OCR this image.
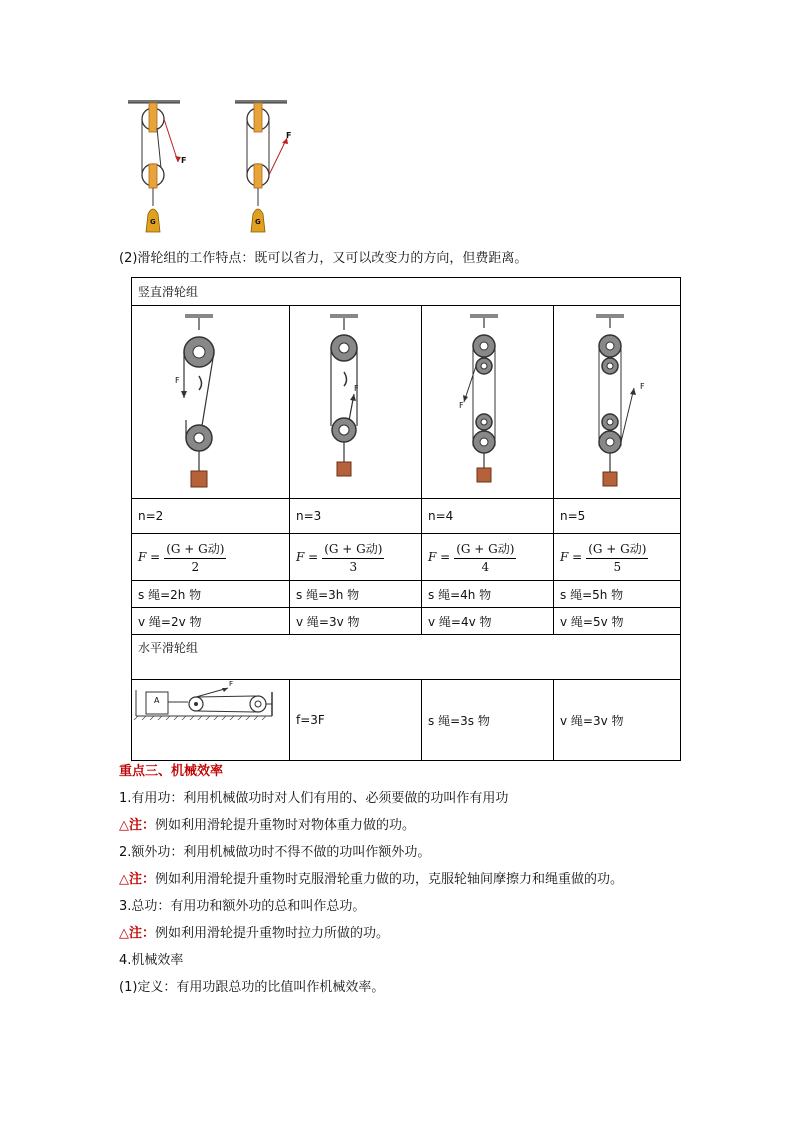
F
G
F
G
(2)滑轮组的工作特点：既可以省力，又可以改变力的方向，但费距离。
竖直滑轮组			

F	F	F	F

n=2	n=3	n=4	n=5

$F = \frac{\text{(G + G动)}}{2}$	$F = \frac{\text{(G + G动)}}{3}$	$F = \frac{\text{(G + G动)}}{4}$	$F = \frac{\text{(G + G动)}}{5}$

s 绳=2h 物	s 绳=3h 物	s 绳=4h 物	s 绳=5h 物
v 绳=2v 物	v 绳=3v 物	v 绳=4v 物	v 绳=5v 物
水平滑轮组			

A
F	f=3F	s 绳=3s 物	v 绳=3v 物
重点三、机械效率
1.有用功：利用机械做功时对人们有用的、必须要做的功叫作有用功
△注：例如利用滑轮提升重物时对物体重力做的功。
2.额外功：利用机械做功时不得不做的功叫作额外功。
△注：例如利用滑轮提升重物时克服滑轮重力做的功，克服轮轴间摩擦力和绳重做的功。
3.总功：有用功和额外功的总和叫作总功。
△注：例如利用滑轮提升重物时拉力所做的功。
4.机械效率
(1)定义：有用功跟总功的比值叫作机械效率。
